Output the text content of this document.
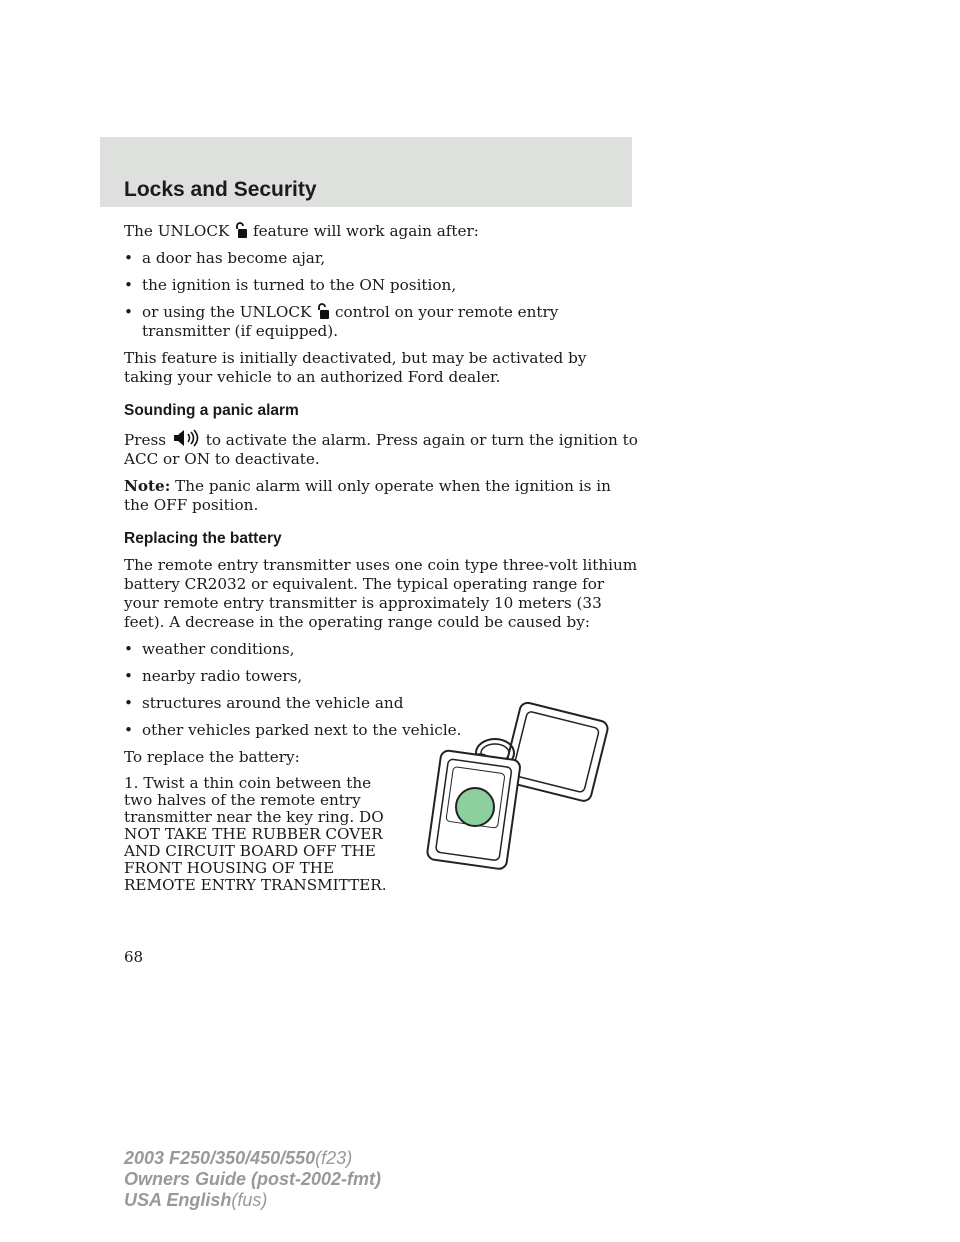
Locks and Security

The UNLOCK feature will work again after:

• a door has become ajar,
• the ignition is turned to the ON position,
• or using the UNLOCK control on your remote entry transmitter (if equipped).

This feature is initially deactivated, but may be activated by taking your vehicle to an authorized Ford dealer.

Sounding a panic alarm

Press	to activate the alarm. Press again or turn the ignition to ACC or ON to deactivate.

Note: The panic alarm will only operate when the ignition is in the OFF position.

Replacing the battery

The remote entry transmitter uses one coin type three-volt lithium battery CR2032 or equivalent. The typical operating range for your remote entry transmitter is approximately 10 meters (33 feet). A decrease in the operating range could be caused by:

• weather conditions,
• nearby radio towers,
• structures around the vehicle and
• other vehicles parked next to the vehicle.

To replace the battery:

1. Twist a thin coin between the two halves of the remote entry transmitter near the key ring. DO NOT TAKE THE RUBBER COVER AND CIRCUIT BOARD OFF THE FRONT HOUSING OF THE REMOTE ENTRY TRANSMITTER.
68
2003 F250/350/450/550(f23)
Owners Guide (post-2002-fmt)
USA English(fus)
